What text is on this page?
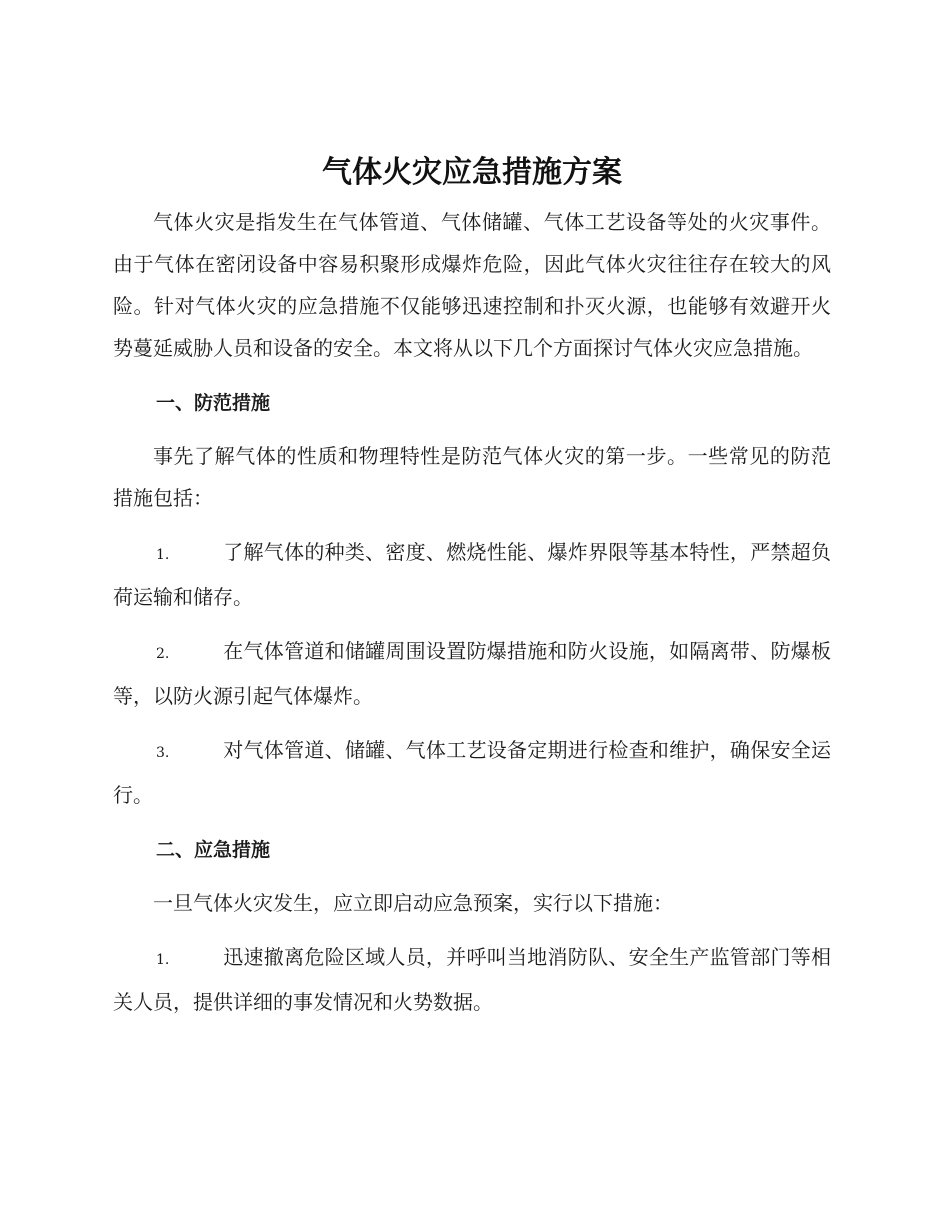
气体火灾应急措施方案

气体火灾是指发生在气体管道、气体储罐、气体工艺设备等处的火灾事件。由于气体在密闭设备中容易积聚形成爆炸危险，因此气体火灾往往存在较大的风险。针对气体火灾的应急措施不仅能够迅速控制和扑灭火源，也能够有效避开火势蔓延威胁人员和设备的安全。本文将从以下几个方面探讨气体火灾应急措施。

一、防范措施

事先了解气体的性质和物理特性是防范气体火灾的第一步。一些常见的防范措施包括：

1.	了解气体的种类、密度、燃烧性能、爆炸界限等基本特性，严禁超负荷运输和储存。

2.	在气体管道和储罐周围设置防爆措施和防火设施，如隔离带、防爆板等，以防火源引起气体爆炸。

3.	对气体管道、储罐、气体工艺设备定期进行检查和维护，确保安全运行。

二、应急措施

一旦气体火灾发生，应立即启动应急预案，实行以下措施：

1.	迅速撤离危险区域人员，并呼叫当地消防队、安全生产监管部门等相关人员，提供详细的事发情况和火势数据。
